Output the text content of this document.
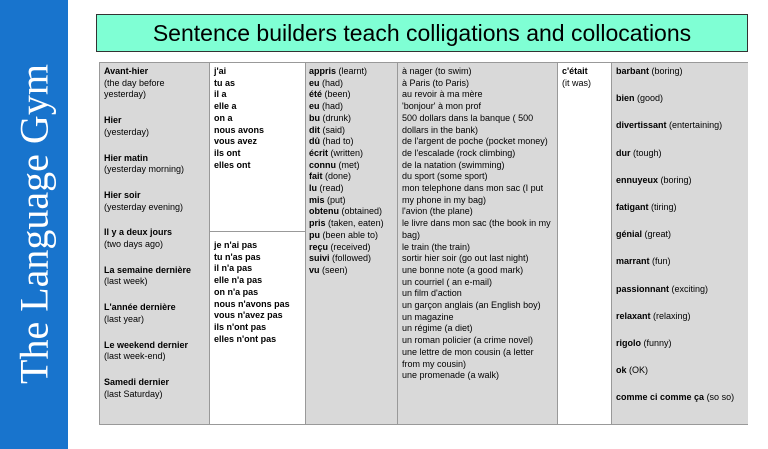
The Language Gym
Sentence builders teach colligations and collocations

Avant-hier

(the day before yesterday)

Hier

(yesterday)

Hier matin

(yesterday morning)

Hier soir

(yesterday evening)

Il y a deux jours

(two days ago)

La semaine dernière

(last week)

L'année dernière

(last year)

Le weekend dernier

(last week-end)

Samedi dernier

(last Saturday)

j'ai

tu as

il a

elle a

on a

nous avons

vous avez

ils ont

elles ont

je n'ai pas

tu n'as pas

il n'a pas

elle n'a pas

on n'a pas

nous n'avons pas

vous n'avez pas

ils n'ont pas

elles n'ont pas

appris (learnt)

eu (had)

été (been)

eu (had)

bu (drunk)

dit (said)

dû (had to)

écrit (written)

connu (met)

fait (done)

lu (read)

mis (put)

obtenu (obtained)

pris (taken, eaten)

pu (been able to)

reçu (received)

suivi (followed)

vu (seen)

à nager (to swim)

à Paris (to Paris)

au revoir à ma mère

'bonjour' à mon prof

500 dollars dans la banque ( 500 dollars in the bank)

de l'argent de poche (pocket money)

de l'escalade (rock climbing)

de la natation (swimming)

du sport (some sport)

mon telephone dans mon sac (I put my phone in my bag)

l'avion (the plane)

le livre dans mon sac (the book in my bag)

le train (the train)

sortir hier soir (go out last night)

une bonne note (a good mark)

un courriel ( an e-mail)

un film d'action

un garçon anglais (an English boy)

un magazine

un régime (a diet)

un roman policier (a crime novel)

une lettre de mon cousin (a letter from my cousin)

une promenade (a walk)

c'était

(it was)

barbant (boring)

bien (good)

divertissant (entertaining)

dur (tough)

ennuyeux (boring)

fatigant (tiring)

génial (great)

marrant (fun)

passionnant (exciting)

relaxant (relaxing)

rigolo (funny)

ok (OK)

comme ci comme ça (so so)
